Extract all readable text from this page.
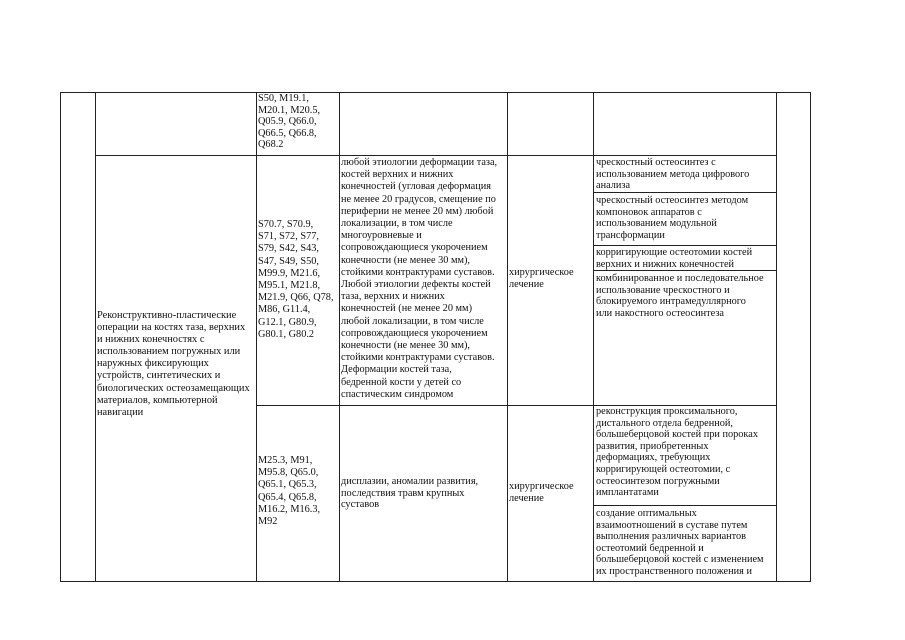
S50, M19.1,
M20.1, M20.5,
Q05.9, Q66.0,
Q66.5, Q66.8,
Q68.2
Реконструктивно-пластические
операции на костях таза, верхних
и нижних конечностях с
использованием погружных или
наружных фиксирующих
устройств, синтетических и
биологических остеозамещающих
материалов, компьютерной
навигации
S70.7, S70.9,
S71, S72, S77,
S79, S42, S43,
S47, S49, S50,
M99.9, M21.6,
M95.1, M21.8,
M21.9, Q66, Q78,
M86, G11.4,
G12.1, G80.9,
G80.1, G80.2
любой этиологии деформации таза,
костей верхних и нижних
конечностей (угловая деформация
не менее 20 градусов, смещение по
периферии не менее 20 мм) любой
локализации, в том числе
многоуровневые и
сопровождающиеся укорочением
конечности (не менее 30 мм),
стойкими контрактурами суставов.
Любой этиологии дефекты костей
таза, верхних и нижних
конечностей (не менее 20 мм)
любой локализации, в том числе
сопровождающиеся укорочением
конечности (не менее 30 мм),
стойкими контрактурами суставов.
Деформации костей таза,
бедренной кости у детей со
спастическим синдромом
хирургическое
лечение
чрескостный остеосинтез с
использованием метода цифрового
анализа
чрескостный остеосинтез методом
компоновок аппаратов с
использованием модульной
трансформации
корригирующие остеотомии костей
верхних и нижних конечностей
комбинированное и последовательное
использование чрескостного и
блокируемого интрамедуллярного
или накостного остеосинтеза
M25.3, M91,
M95.8, Q65.0,
Q65.1, Q65.3,
Q65.4, Q65.8,
M16.2, M16.3,
M92
дисплазии, аномалии развития,
последствия травм крупных
суставов
хирургическое
лечение
реконструкция проксимального,
дистального отдела бедренной,
большеберцовой костей при пороках
развития, приобретенных
деформациях, требующих
корригирующей остеотомии, с
остеосинтезом погружными
имплантатами
создание оптимальных
взаимоотношений в суставе путем
выполнения различных вариантов
остеотомий бедренной и
большеберцовой костей с изменением
их пространственного положения и
